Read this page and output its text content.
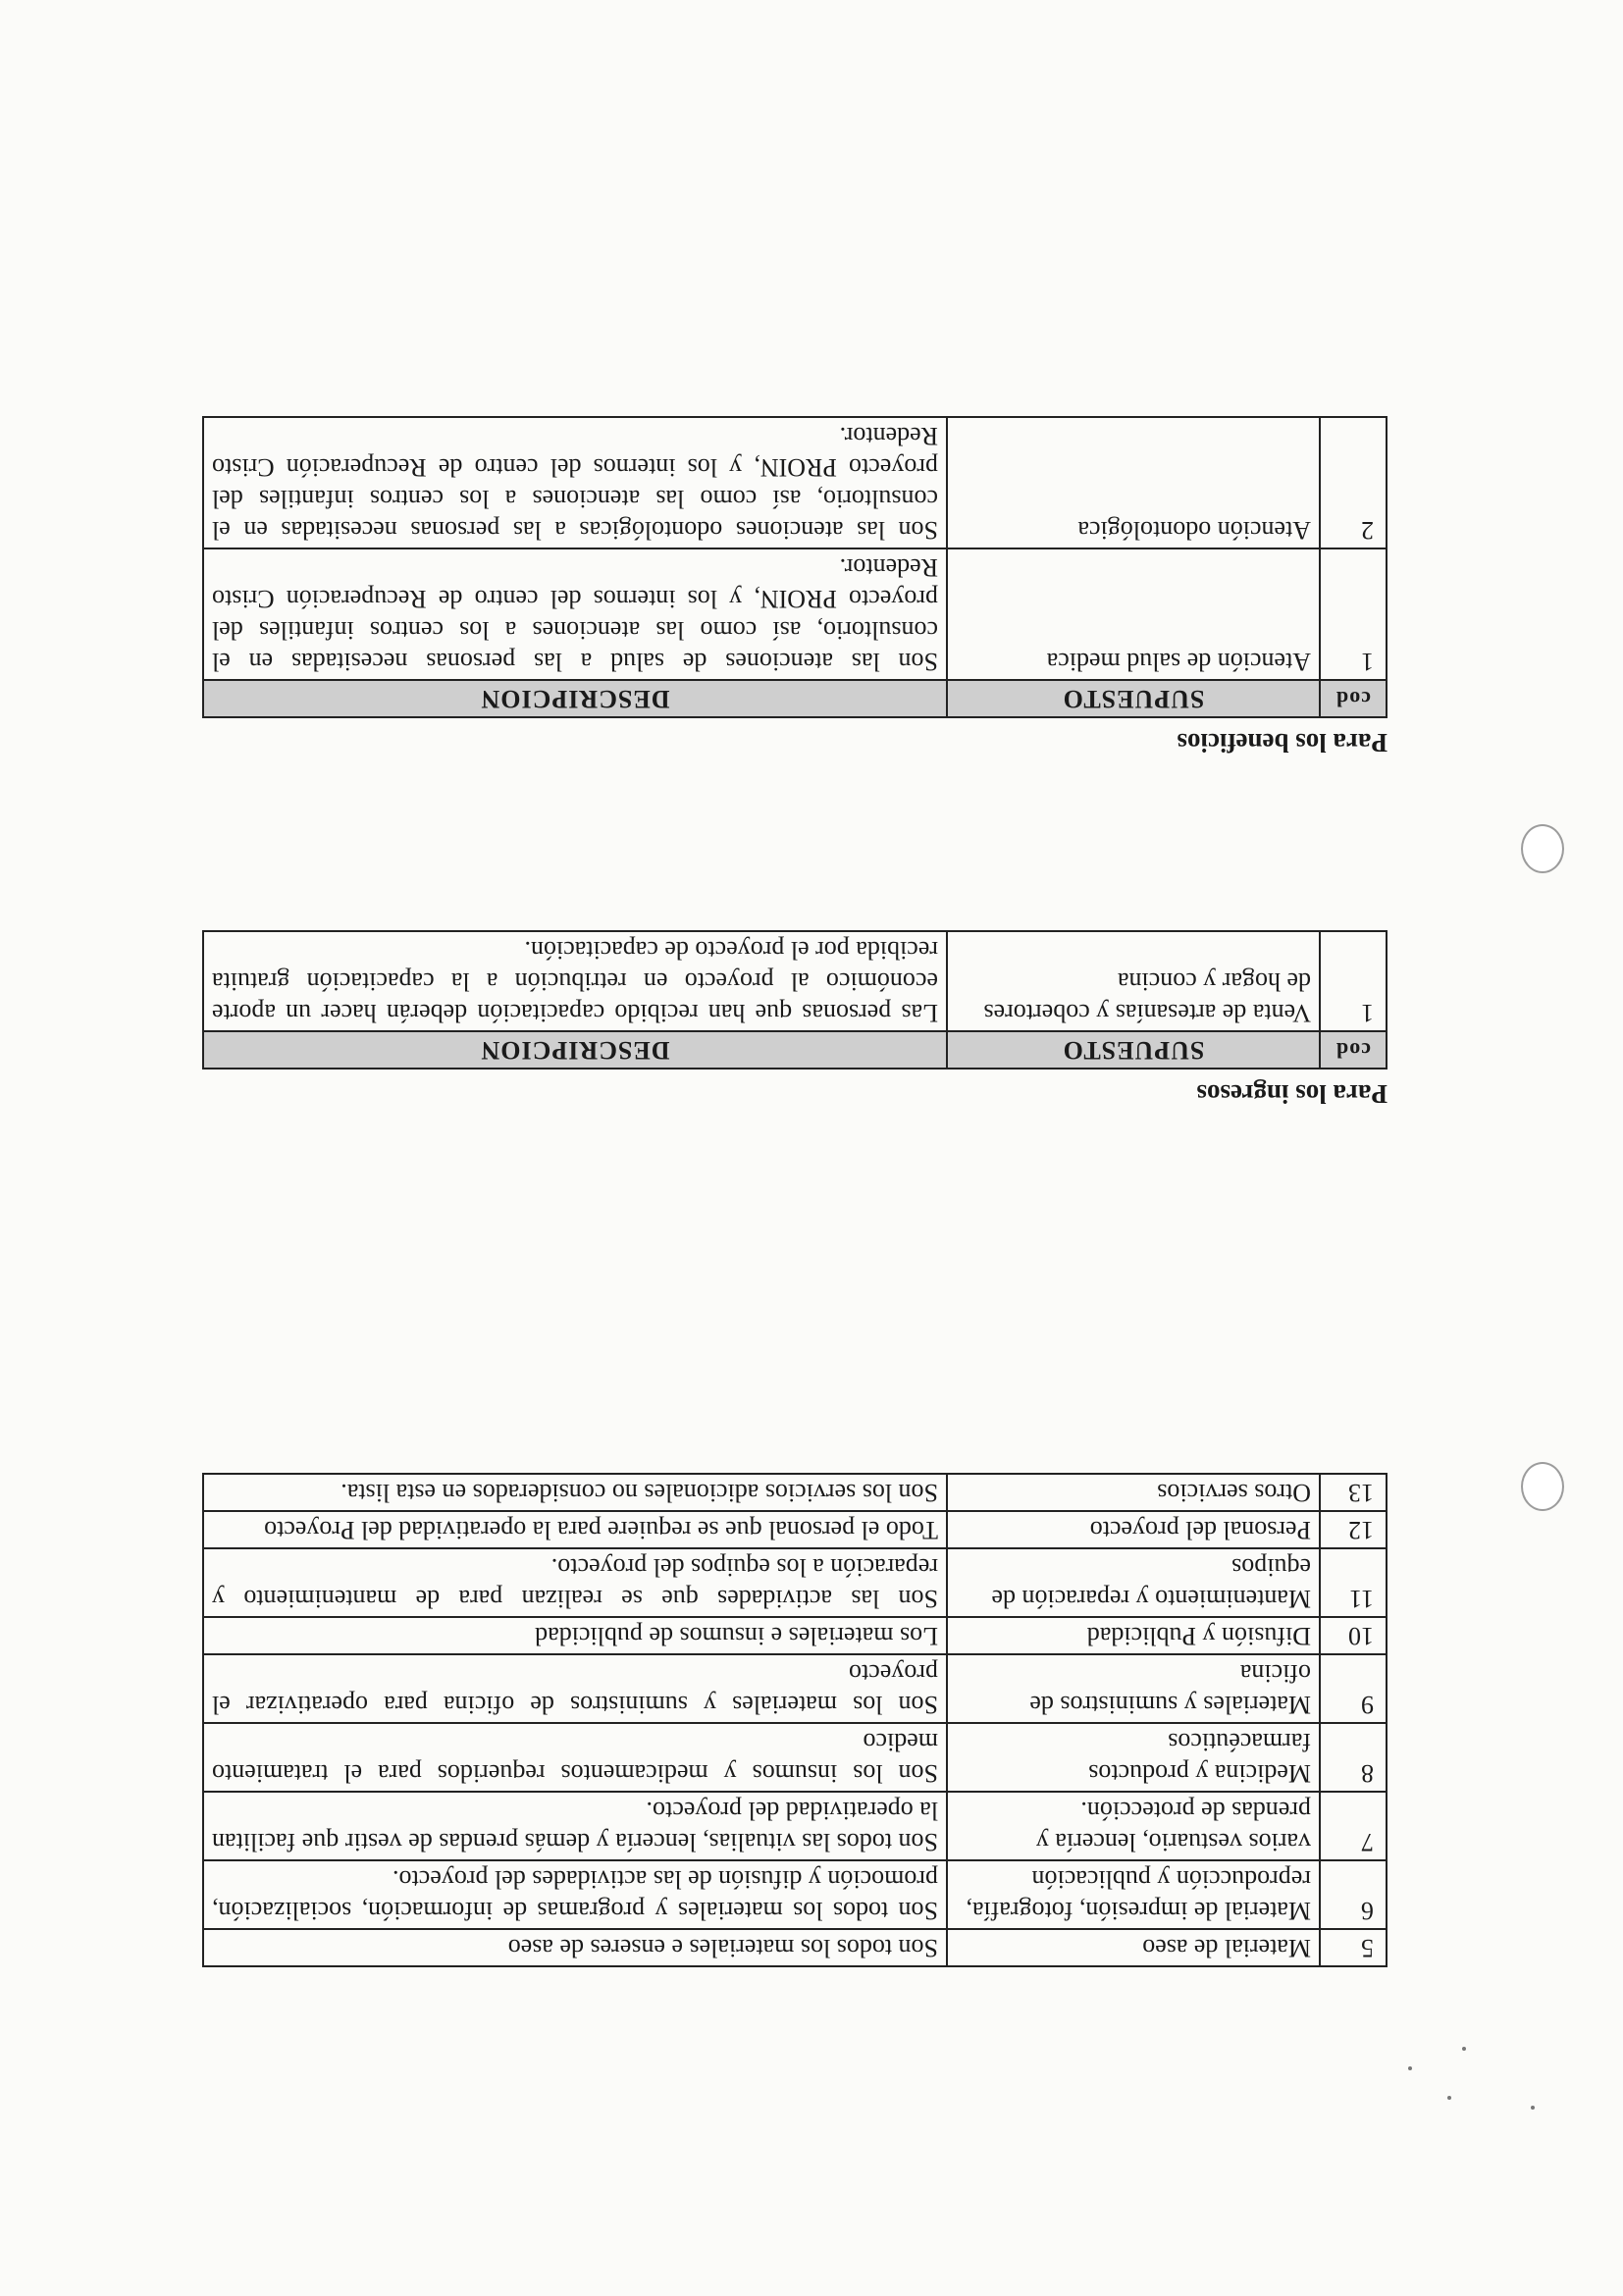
5	Material de aseo	Son todos los materiales e enseres de aseo
6	Material de impresión, fotografía, reproducción y publicación	Son todos los materiales y programas de información, socialización, promoción y difusión de las actividades del proyecto.
7	varios vestuario, lencería y prendas de protección.	Son todos las vitualias, lencería y demás prendas de vestir que facilitan la operatividad del proyecto.
8	Medicina y productos farmacéuticos	Son los insumos y medicamentos requeridos para el tratamiento medico
9	Materiales y suministros de oficina	Son los materiales y suministros de oficina para operativizar el proyecto
10	Difusión y Publicidad	Los materiales e insumos de publicidad
11	Mantenimiento y reparación de equipos	Son las actividades que se realizan para de mantenimiento y reparación a los equipos del proyecto.
12	Personal del proyecto	Todo el personal que se requiere para la operatividad del Proyecto
13	Otros servicios	Son los servicios adicionales no considerados en esta lista.
Para los ingresos
cod	SUPUESTO	DESCRIPCION
1	Venta de artesanías y cobertores de hogar y concina	Las personas que han recibido capacitación deberán hacer un aporte económico al proyecto en retribución a la capacitación gratuita recibida por el proyecto de capacitación.
Para los beneficios
cod	SUPUESTO	DESCRIPCION
1	Atención de salud medica	Son las atenciones de salud a las personas necesitadas en el consultorio, así como las atenciones a los centros infantiles del proyecto PROIN, y los internos del centro de Recuperación Cristo Redentor.
2	Atención odontológica	Son las atenciones odontológicas a las personas necesitadas en el consultorio, así como las atenciones a los centros infantiles del proyecto PROIN, y los internos del centro de Recuperación Cristo Redentor.
